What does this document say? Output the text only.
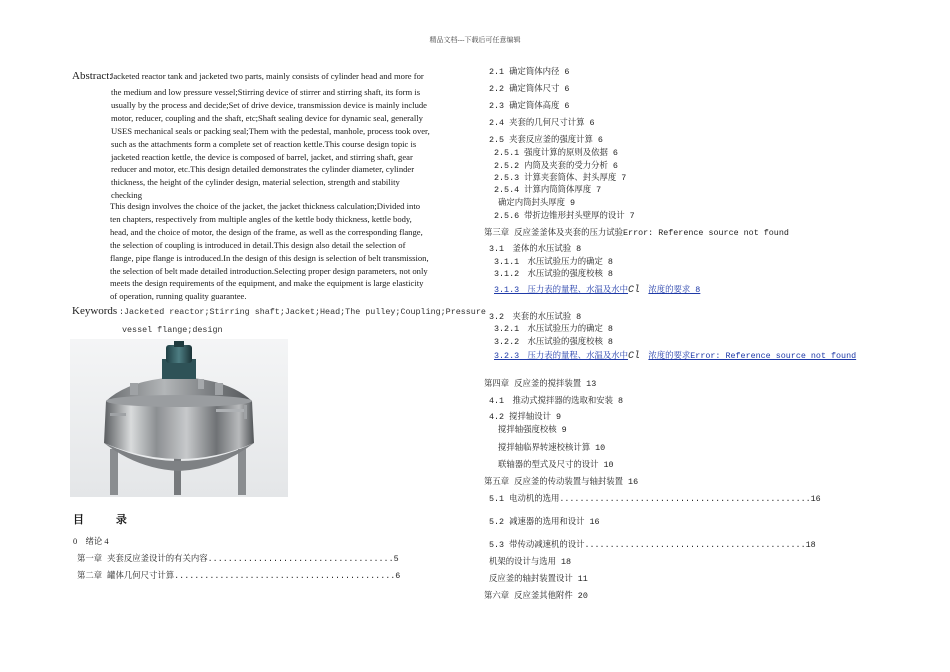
精品文档---下载后可任意编辑
Abstract:
Jacketed reactor tank and jacketed two parts, mainly consists of cylinder head and more for

the medium and low pressure vessel;Stirring device of stirrer and stirring shaft, its form is

usually by the process and decide;Set of drive device, transmission device is mainly include

motor, reducer, coupling and the shaft, etc;Shaft sealing device for dynamic seal, generally

USES mechanical seals or packing seal;Them with the pedestal, manhole, process took over,

such as the attachments form a complete set of reaction kettle.This course design topic is

jacketed reaction kettle, the device is composed of barrel, jacket, and stirring shaft, gear

reducer and motor, etc.This design detailed demonstrates the cylinder diameter, cylinder

thickness, the height of the cylinder design, material selection, strength and stability

checking

This design involves the choice of the jacket, the jacket thickness calculation;Divided into

ten chapters, respectively from multiple angles of the kettle body thickness, kettle body,

head, and the choice of motor, the design of the frame, as well as the corresponding flange,

the selection of coupling is introduced in detail.This design also detail the selection of

flange, pipe flange is introduced.In the design of this design is selection of belt transmission,

the selection of belt made detailed introduction.Selecting proper design parameters, not only

meets the design requirements of the equipment, and make the equipment is large elasticity

of operation, running quality guarantee.

Keywords :Jacketed reactor;Stirring shaft;Jacket;Head;The pulley;Coupling;Pressure
vessel flange;design
目 录
0　绪论 4
第一章 夹套反应釜设计的有关内容.....................................5
第二章 罐体几何尺寸计算............................................6
2.1 确定筒体内径 6
2.2 确定筒体尺寸 6
2.3 确定筒体高度 6
2.4 夹套的几何尺寸计算 6
2.5 夹套反应釜的强度计算 6
2.5.1 强度计算的原则及依据 6
2.5.2 内筒及夹套的受力分析 6
2.5.3 计算夹套筒体、封头厚度 7
2.5.4 计算内筒筒体厚度 7
确定内筒封头厚度 9
2.5.6 带折边锥形封头壁厚的设计 7
第三章 反应釜釜体及夹套的压力试验Error: Reference source not found
3.1　釜体的水压试验 8
3.1.1　水压试验压力的确定 8
3.1.2　水压试验的强度校核 8
3.1.3　压力表的量程、水温及水中Cl　 浓度的要求 8
3.2　夹套的水压试验 8
3.2.1　水压试验压力的确定 8
3.2.2　水压试验的强度校核 8
3.2.3　压力表的量程、水温及水中Cl　 浓度的要求Error: Reference source not found
第四章 反应釜的搅拌装置 13
4.1　推动式搅拌器的选取和安装 8
4.2 搅拌轴设计 9
搅拌轴强度校核 9
搅拌轴临界转速校核计算 10
联轴器的型式及尺寸的设计 10
第五章 反应釜的传动装置与轴封装置 16
5.1 电动机的选用..................................................16
5.2 减速器的选用和设计 16
5.3 带传动减速机的设计............................................18
机架的设计与选用 18
反应釜的轴封装置设计 11
第六章 反应釜其他附件 20
